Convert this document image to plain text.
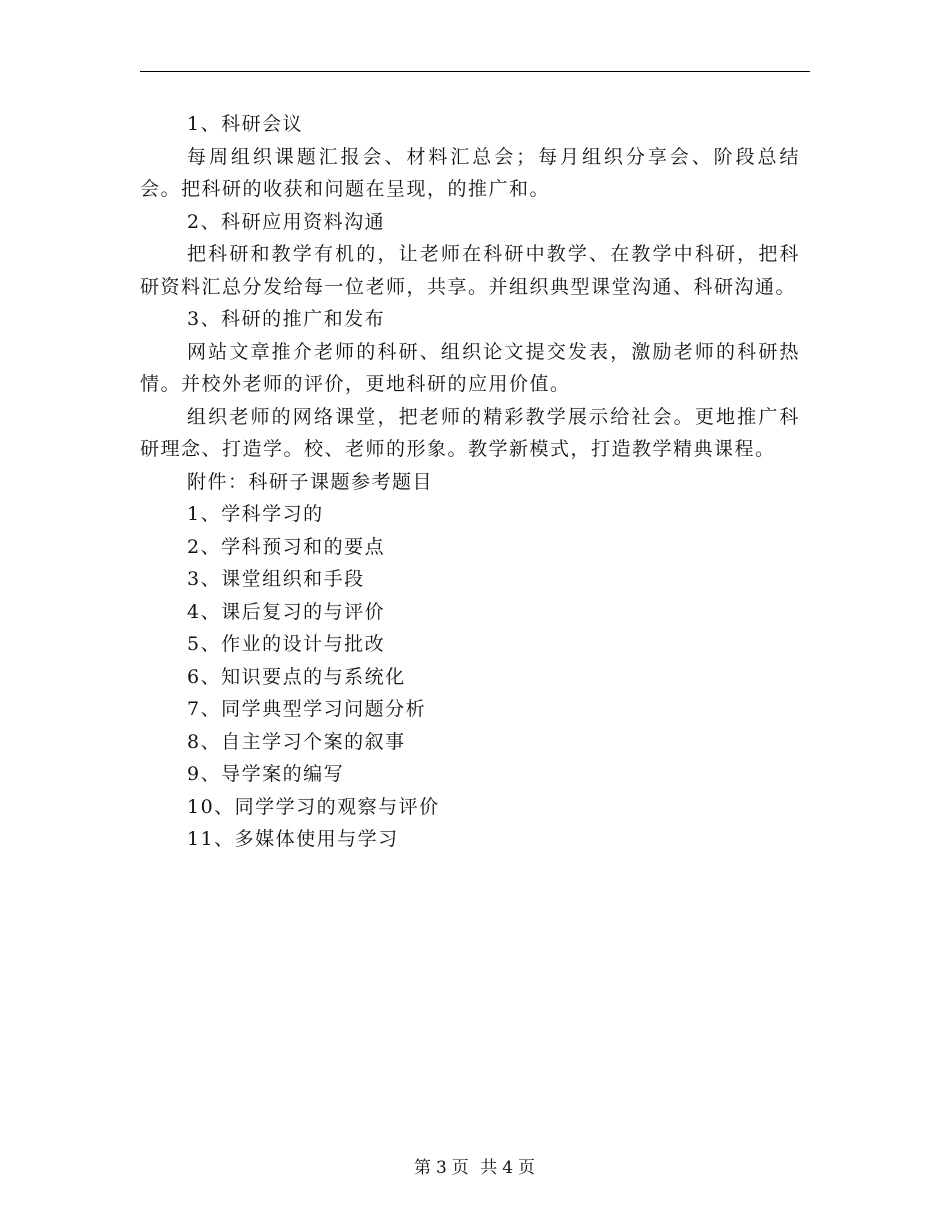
1、科研会议

每周组织课题汇报会、材料汇总会；每月组织分享会、阶段总结会。把科研的收获和问题在呈现，的推广和。

2、科研应用资料沟通

把科研和教学有机的，让老师在科研中教学、在教学中科研，把科研资料汇总分发给每一位老师，共享。并组织典型课堂沟通、科研沟通。

3、科研的推广和发布

网站文章推介老师的科研、组织论文提交发表，激励老师的科研热情。并校外老师的评价，更地科研的应用价值。

组织老师的网络课堂，把老师的精彩教学展示给社会。更地推广科研理念、打造学。校、老师的形象。教学新模式，打造教学精典课程。

附件：科研子课题参考题目

1、学科学习的

2、学科预习和的要点

3、课堂组织和手段

4、课后复习的与评价

5、作业的设计与批改

6、知识要点的与系统化

7、同学典型学习问题分析

8、自主学习个案的叙事

9、导学案的编写

10、同学学习的观察与评价

11、多媒体使用与学习

第 3 页 共 4 页
